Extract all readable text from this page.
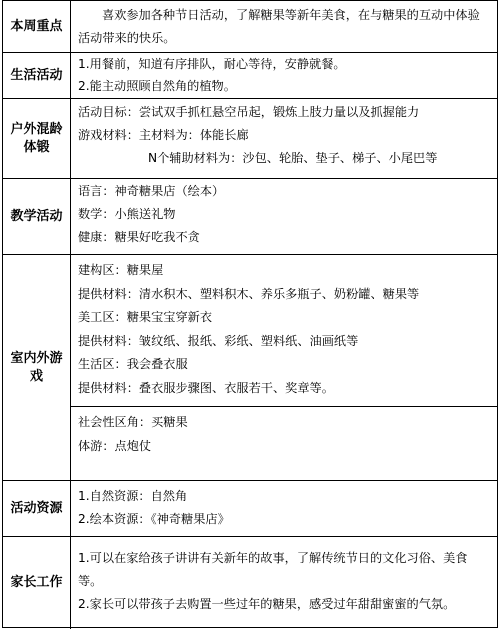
本周重点
喜欢参加各种节日活动，了解糖果等新年美食，在与糖果的互动中体验活动带来的快乐。
生活活动
1.用餐前，知道有序排队，耐心等待，安静就餐。
2.能主动照顾自然角的植物。
户外混龄体锻
活动目标：尝试双手抓杠悬空吊起，锻炼上肢力量以及抓握能力
游戏材料：主材料为：体能长廊
N个辅助材料为：沙包、轮胎、垫子、梯子、小尾巴等
教学活动
语言：神奇糖果店（绘本）
数学：小熊送礼物
健康：糖果好吃我不贪
室内外游戏
建构区：糖果屋
提供材料：清水积木、塑料积木、养乐多瓶子、奶粉罐、糖果等
美工区：糖果宝宝穿新衣
提供材料：皱纹纸、报纸、彩纸、塑料纸、油画纸等
生活区：我会叠衣服
提供材料：叠衣服步骤图、衣服若干、奖章等。
社会性区角：买糖果
体游：点炮仗
活动资源
1.自然资源：自然角
2.绘本资源：《神奇糖果店》
家长工作
1.可以在家给孩子讲讲有关新年的故事，了解传统节日的文化习俗、美食等。
2.家长可以带孩子去购置一些过年的糖果，感受过年甜甜蜜蜜的气氛。
